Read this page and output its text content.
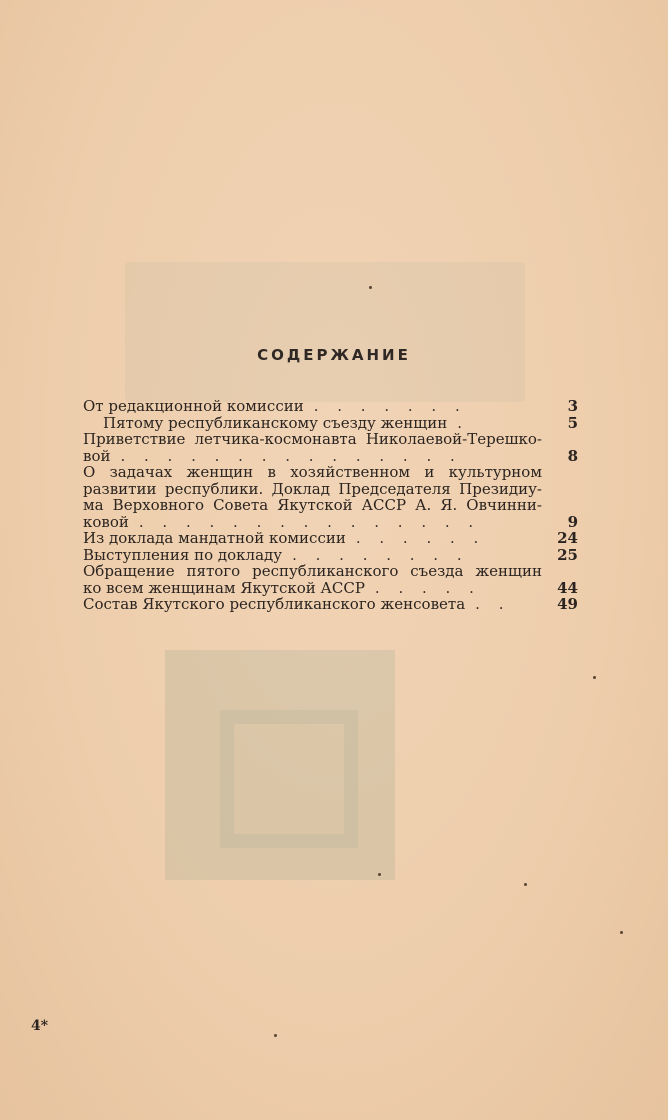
СОДЕРЖАНИЕ
От редакционной комиссии . . . . . . .	3
Пятому республиканскому съезду женщин .	5
Приветствие летчика-космонавта Николаевой-Терешко-
вой . . . . . . . . . . . . . . .	8
О задачах женщин в хозяйственном и культурном
развитии республики. Доклад Председателя Президиу-
ма Верховного Совета Якутской АССР А. Я. Овчинни-
ковой . . . . . . . . . . . . . . .	9
Из доклада мандатной комиссии . . . . . .	24
Выступления по докладу . . . . . . . .	25
Обращение пятого республиканского съезда женщин
ко всем женщинам Якутской АССР . . . . .	44
Состав Якутского республиканского женсовета . .	49
4*
